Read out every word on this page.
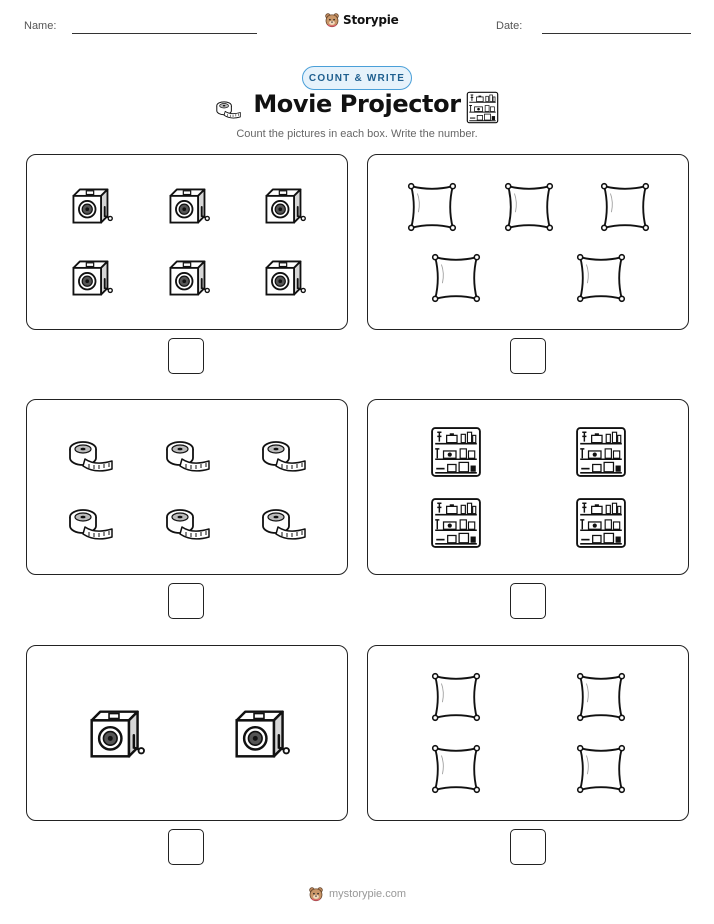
Name:	Storypie	Date:
COUNT & WRITE
Movie Projector
Count the pictures in each box. Write the number.
mystorypie.com
